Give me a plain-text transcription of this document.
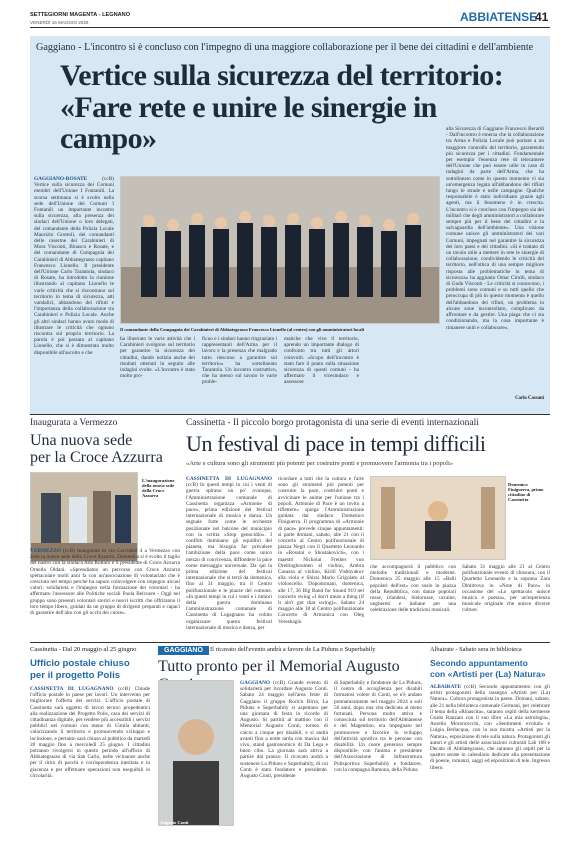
SETTEGIORNI MAGENTA - LEGNANO
VENERDÌ 16 MAGGIO 2025	ABBIATENSE
41
Gaggiano - L'incontro si è concluso con l'impegno di una maggiore collaborazione per il bene dei cittadini e dell'ambiente
Vertice sulla sicurezza del territorio:
«Fare rete e unire le sinergie in campo»
GAGGIANO-ROSATE	(ccB) Vertice sulla sicurezza dei Comuni membri dell'Unione I Fontanili. La scorsa settimana si è svolto nella sede dell'Unione dei Comuni I Fontanili un importante incontro sulla sicurezza, alla presenza dei sindaci dell'Unione o loro delegati, del comandante della Polizia Locale Maurizio Grottoli, dei comandanti delle caserme dei Carabinieri di Mora Visconti, Binasco e Rosate, e del comandante di Compagnia dei Carabinieri di Abbiategrasso capitano Francesco Lionello. Il presidente dell'Unione Carlo Tarantola, sindaco di Rosate, ha introdotto la riunione illustrando al capitano Lionello le varie criticità che si riscontrano sul territorio in tema di sicurezza, atti vandalici, abbandono dei rifiuti e l'importanza della collaborazione tra Carabinieri e Polizia Locale. Anche gli altri sindaci hanno avuto modo di illustrare le criticità che ognuno riscontra sul proprio territorio. La parola è poi passata al capitano Lionello, che si è dimostrato molto disponibile all'ascolto e che
Il comandante della Compagnia dei Carabinieri di Abbiategrasso Francesco Lionello (al centro) con gli amministratori locali
ha illustrato le varie attività che i Carabinieri svolgono sul territorio per garantire la sicurezza dei cittadini, dando notizia anche dei risultati ottenuti in seguito alle indagini svolte. «L'incontro è stato molto pro-
ficuo e i sindaci hanno ringraziato i rappresentanti dell'Arma per il lavoro e la presenza che malgrado tutto riescono a garantire sul territorio» ha sottolineato Tarantola. Un incontro costruttivo, che ha messo sul tavolo le varie proble-
matiche che vive il territorio, aprendo un importante dialogo di confronto tra tutti gli attori coinvolti. «Scopo dell'incontro è stato fare il punto sulla situazione sicurezza di questi comuni - ha affermato il vicesindaco e assessore
alla Sicurezza di Gaggiano Francesco Berardi - Dall'incontro è emersa che la collaborazione tra Arma e Polizia Locale può portare a un maggiore controllo del territorio, garantendo più sicurezza per i cittadini. Fondamentale per esempio l'essenza rete di telecamere dell'Unione che può essere utile in caso di indagini da parte dell'Arma, che ha sottolineato come in questo momento vi sia un'emergenza legata all'abbandono dei rifiuti lungo le strade e nelle campagne. Qualche responsabile è stato individuato grazie agli agenti, ma il fenomeno è in crescita. L'incontro si è concluso con l'impegno sia dei militari che degli amministratori a collaborare sempre più per il bene dei cittadini e la salvaguardia dell'ambiente». Una visione comune unisce gli amministratori dei vari Comuni, impegnati nel garantire la sicurezza dei loro paesi e dei cittadini. «Si è trattato di un tavolo utile a mettere in rete le sinergie di collaborazione, condividendo le criticità del territorio, nell'ottica di una sempre migliore risposta alle problematiche in tema di sicurezza» ha aggiunto Omar Cirulli, sindaco di Gudo Visconti - Le criticità si conoscono, i problemi sono comuni e su tutti quello che preoccupa di più in questo momento è quello dell'abbandono dei rifiuti, un problema in alcune zone incontrollato, complicato da affrontare e da gestire. Una piaga che ci sta condizionando, ma la cosa importante è rimanere uniti e collaborare».
Carlo Cassani
Inaugurata a Vermezzo
Una nuova sede
per la Croce Azzurra
L'inaugurazione della nuova sede della Croce Azzurra
VERMEZZO (ccB) Inaugurata in via Corridoni 4 a Vermezzo con Zelo la nuova sede della Croce Azzurra. Domenica si è svolto il taglio del nastro con la sindaca Ada Ruttaro e il presidente di Croce Azzurra Ornella Oldani. «Sprendiamo un percorso con Croce Azzurra spettacolare molti anni fa con un'associazione di volontariato che è cresciuta nel tempo perché ha saputo coinvolgere con impegno alcuni valori: solidarietà e l'impegno nella formazione dei volontari - ha affermato l'assessore alle Politiche sociali Paola Belcuore - Oggi nel gruppo sono presenti volontari storici e nuovi iscritti che offriranno il loro tempo libero, guidati da un gruppo di dirigenti preparati e capaci di garantire dell'alto con gli occhi dei cuore».
Cassinetta - Il piccolo borgo protagonista di una serie di eventi internazionali
Un festival di pace in tempi difficili
«Arte e cultura sono gli strumenti più potenti per costruire ponti e promuovere l'armonia tra i popoli»
CASSINETTA DI LUGAGNANO (ccB) In questi tempi in cui i venti di guerra spirano un po' ovunque, l'Amministrazione comunale di Cassinetta organizza «Armonie di pace», prima edizione del festival internazionale di musica e danza. Un segnale forte come le orchestre posizionate nel balcone del municipio con la scritta «Stop genocidio». I conflitti dominano gli equilibri del pianeta, ma bisogna far prevalere l'ambizione della pace come unico mezzo di convivenza, diffondere la pace come messaggio universale. Da qui la prima edizione del festival internazionale che si terrà da domenica, fino al 31 maggio, tra il Centro polifunzionale e le piazze del comune. «In questi tempi in cui i venti e i rumori della guerra dominano l'amministrazione comunale di Cassinetta di Lugagnano ha voluto organizzare questo festival internazionale di musica e danza, per
ricordare a tutti che la cultura e l'arte sono gli strumenti più potenti per costruire la pace, costruire ponti e avvicinare le anime per l'unione tra i popoli. Armonie di Pace è un invito a riflettere» spiega l'Amministrazione guidata dal sindaco Domenico Finiguerra. Il programma di «Armonie di pace» prevede cinque appuntamenti: si parte domani, sabato, alle 21 con il concerto al Centro polifunzionale di piazza Negri con il Quartetto Leonardo in «Rossini e Shostakovich», con i maestri Nickolai Freiher von Dreitingboumen al violino, Ambra Casassa al violino, Kirill Vishnyakov alla viola e Shirai Mario Grigolato al violoncello. Dopodomani, domenica, alle 17, 36 Big Band for Sound 919 nel concerto swing «I don't mean a thing (if it ain't got that swing)». Sabato 24 maggio alle 18 al Centro polifunzionale Concerto di Armonica con Oleg Vereshagin
che accompagnerà il pubblico con melodie tradizionali e moderne. Domenica 25 maggio alle 15 «Balli popolari dell'est» con sosio in piazza della Repubblica, con danze popolari russe, irlandesi, bielorusse, ucraine, ungheresi e italiane per una celebrazione delle tradizioni musicali.
Domenico Finiguerra, primo cittadino di Cassinetta
Sabato 31 maggio alle 21 al Centro polifunzionale evento di chiusura, con il Quartetto Leonardo e la soprano Zara Dimitrova in «Note di Pace» in occasione del «Lo spettacolo unisce musica e poesia», per un'esperienza musicale originale che unisce diverse culture.
Cassinetta - Dal 20 maggio al 25 giugno
Ufficio postale chiuso
per il progetto Polis
CASSINETTA DI LUGAGNANO (ccB) Chiude l'ufficio postale in paese per lavori. Un intervento per migliorare l'offerta dei servizi. L'ufficio postale di Cassinetta sarà oggetto di lavori tecnici propedeutici alla realizzazione del Progetto Polis, casa dei servizi di cittadinanza digitale, per rendere più accessibili i servizi pubblici nei comuni con meno di 15mila abitanti, valorizzando il territorio e promuovendo sviluppo e inclusione, e pertanto sarà chiuso al pubblico da martedì 20 maggio fino a mercoledì 25 giugno. I cittadini potranno rivolgersi in questo periodo all'ufficio di Abbiategrasso di via San Carlo, nelle vicinanze anche per il ritiro di pacchi e corrispondenza inesitata e in giacenza e per effettuare operazioni non eseguibili in circolarità.
GAGGIANO	Il ricavato dell'evento andrà a favore de La Piduns e Superbabily
Tutto pronto per il Memorial Augusto
Augusto Conti
GAGGIANO (ccB) Grande evento di solidarietà per ricordare Augusto Conti. Sabato 24 maggio nell'area feste di Gaggiano il gruppo Rock'n Birra, La Piduns e Superbabily si aspettano per una giornata di festa in ricordo di Augusto. Si partirà al mattino con il Memorial Augusto Conti, torneo di calcio a cinque per disabili, e si andrà avanti fino a notte tarda con musica dal vivo, stand gastronomico di Da Lega e buon cibo. La giornata sarà attiva a partire dal pranzo. Il ricavato andrà a sostenere La Piduns e Superbabily, di cui Conti è stato fondatore e presidente. Augusto Conti, presidente
di Superbabily e fondatore de La Piduns, il centro di accoglienza per disabili formatosi volere di Conti, se n'è andato prematuramente nel maggio 2024 a soli 56 anni, dopo una vita dedicata ai meno fortunati. Persona molto attiva e conosciuta sul territorio dell'Abbiatense e del Magentino, era impegnato nel promuovere e favorire lo sviluppo dell'attività sportiva tra le persone con disabilità. Un cuore generoso sempre disponibile, con l'anima e presidente dell'Associazione di Infrastruttura Polisportiva Superbabily e fondatore, con la compagna Ramona, della Piduns.
Albairate - Sabato sera in biblioteca
Secondo appuntamento
con «Artisti per (La) Natura»
ALBAIRATE (ccB) Secondo appuntamento con gli artisti protagonisti della rassegna «Artisti per (La) Natura». Cultura protagonista in paese. Domani, sabato, alle 21 nella biblioteca comunale Germani, per celebrare il tema della «Rinascita», saranno ospiti della kermesse Guido Ranzani con il suo libro «La mia astrologia», Aurelio Moroncecchi, con «Sentimenti evoluti» e Luigia Berlacqua, con la sua mostra «Artisti per la Natura», esposizione di tele sulla natura. Protagonisti gli autori e gli artisti delle associazioni culturali Lab 108 e Decato di Abbiategrasso, che saranno gli ospiti per la quattro serate in calendario dedicate alla presentazione di poesie, romanzi, saggi ed esposizioni di tele. Ingresso libero.
